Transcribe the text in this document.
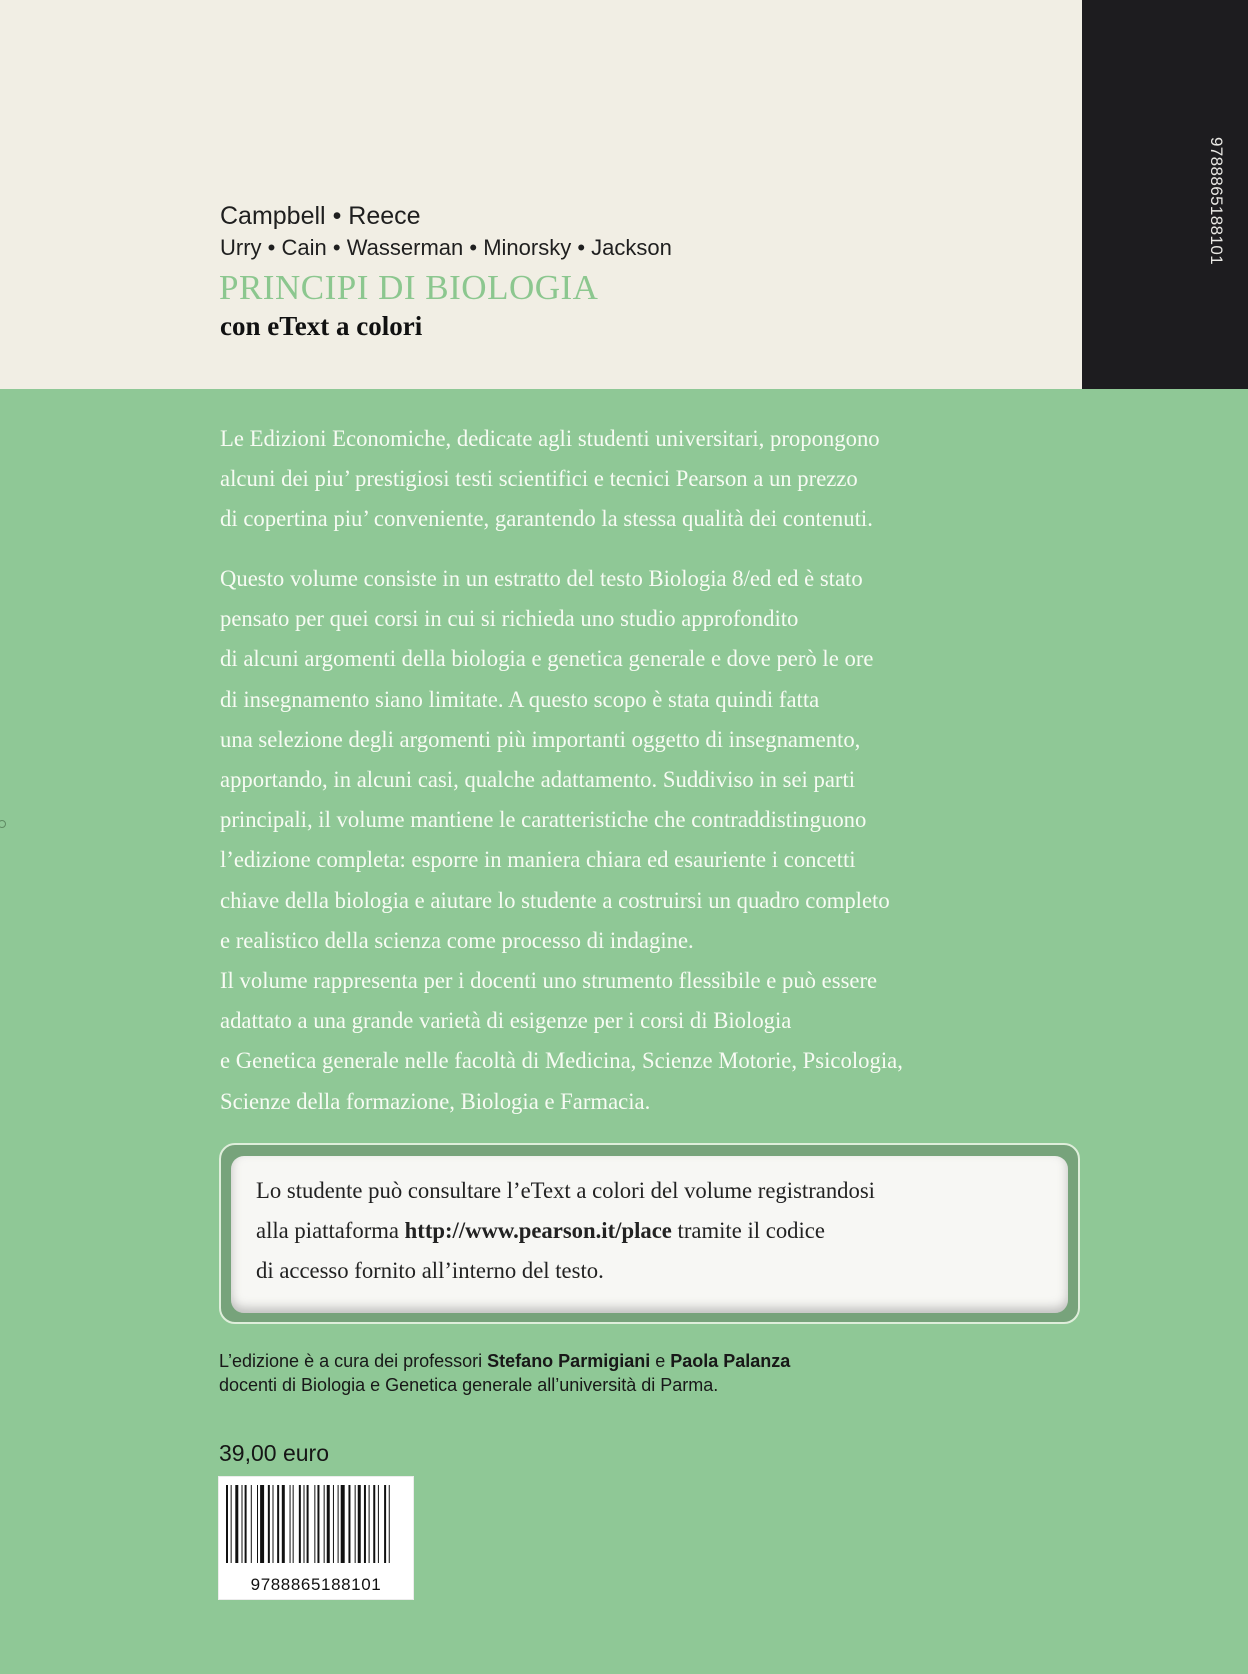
9788865188101
Campbell • Reece
Urry • Cain • Wasserman • Minorsky • Jackson
PRINCIPI DI BIOLOGIA
con eText a colori
Le Edizioni Economiche, dedicate agli studenti universitari, propongono
alcuni dei piu’ prestigiosi testi scientifici e tecnici Pearson a un prezzo
di copertina piu’ conveniente, garantendo la stessa qualità dei contenuti.
Questo volume consiste in un estratto del testo Biologia 8/ed ed è stato
pensato per quei corsi in cui si richieda uno studio approfondito
di alcuni argomenti della biologia e genetica generale e dove però le ore
di insegnamento siano limitate. A questo scopo è stata quindi fatta
una selezione degli argomenti più importanti oggetto di insegnamento,
apportando, in alcuni casi, qualche adattamento. Suddiviso in sei parti
principali, il volume mantiene le caratteristiche che contraddistinguono
l’edizione completa: esporre in maniera chiara ed esauriente i concetti
chiave della biologia e aiutare lo studente a costruirsi un quadro completo
e realistico della scienza come processo di indagine.
Il volume rappresenta per i docenti uno strumento flessibile e può essere
adattato a una grande varietà di esigenze per i corsi di Biologia
e Genetica generale nelle facoltà di Medicina, Scienze Motorie, Psicologia,
Scienze della formazione, Biologia e Farmacia.
Lo studente può consultare l’eText a colori del volume registrandosi
alla piattaforma http://www.pearson.it/place tramite il codice
di accesso fornito all’interno del testo.
L’edizione è a cura dei professori Stefano Parmigiani e Paola Palanza
docenti di Biologia e Genetica generale all’università di Parma.
39,00 euro
9788865188101
